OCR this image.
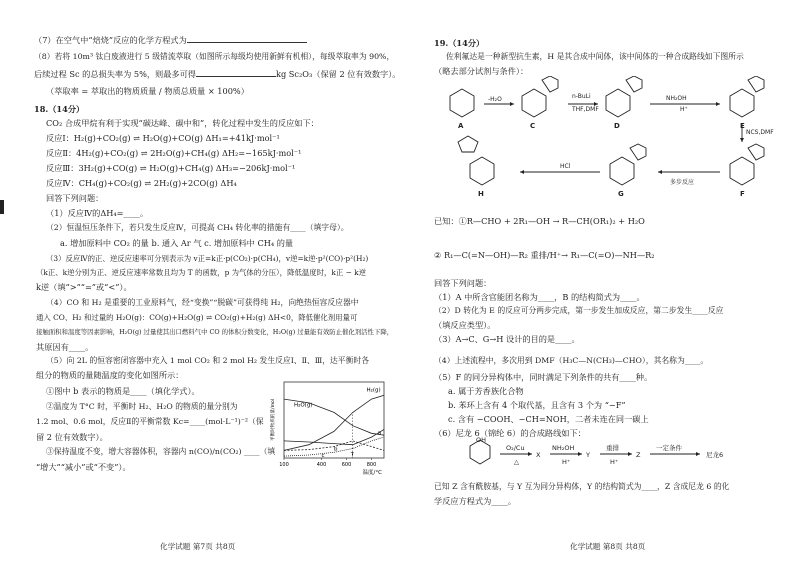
（7）在空气中“焙烧”反应的化学方程式为
（8）若将 10m³ 钛白废液进行 5 级错流萃取（如图所示每级均使用新鲜有机相），每级萃取率为 90%，
后续过程 Sc 的总损失率为 5%，则最多可得	kg Sc₂O₃（保留 2 位有效数字）。
（萃取率 = 萃取出的物质质量 / 物质总质量 × 100%）
18.（14分）
CO₂ 合成甲烷有利于实现“碳达峰、碳中和”，转化过程中发生的反应如下：
反应Ⅰ：H₂(g)+CO₂(g) ⇌ H₂O(g)+CO(g) ΔH₁=+41kJ·mol⁻¹
反应Ⅱ：4H₂(g)+CO₂(g) ⇌ 2H₂O(g)+CH₄(g) ΔH₂=−165kJ·mol⁻¹
反应Ⅲ：3H₂(g)+CO(g) ⇌ H₂O(g)+CH₄(g) ΔH₃=−206kJ·mol⁻¹
反应Ⅳ：CH₄(g)+CO₂(g) ⇌ 2H₂(g)+2CO(g) ΔH₄
回答下列问题：
（1）反应Ⅳ的ΔH₄=____。
（2）恒温恒压条件下，若只发生反应Ⅳ，可提高 CH₄ 转化率的措施有____（填字母）。
a. 增加原料中 CO₂ 的量 b. 通入 Ar 气 c. 增加原料中 CH₄ 的量
（3）反应Ⅳ的正、逆反应速率可分别表示为 v正=k正·p(CO₂)·p(CH₄)，v逆=k逆·p²(CO)·p²(H₂)
（k正、k逆分别为正、逆反应速率常数且均为 T 的函数，p 为气体的分压），降低温度时，k正 − k逆
k逆（填“>”“=”或“<”）。
（4）CO 和 H₂ 是重要的工业原料气，经“变换”“脱碳”可获得纯 H₂，向绝热恒容反应器中
通入 CO、H₂ 和过量的 H₂O(g)：CO(g)+H₂O(g) ⇌ CO₂(g)+H₂(g) ΔH<0，降低催化剂用量可
接触面积和温度等因素影响，H₂O(g) 过量使其出口燃料气中 CO 的体积分数变化，H₂O(g) 过量能有效防止催化剂活性下降，
其原因有____。
（5）向 2L 的恒容密闭容器中充入 1 mol CO₂ 和 2 mol H₂ 发生反应Ⅰ、Ⅱ、Ⅲ，达平衡时各
组分的物质的量随温度的变化如图所示：
①图中 b 表示的物质是____（填化学式）。
②温度为 T°C 时，平衡时 H₂、H₂O 的物质的量分别为
1.2 mol、0.6 mol，反应Ⅱ的平衡常数 Kc=____(mol·L⁻¹)⁻²（保
留 2 位有效数字）。
③保持温度不变，增大容器体积，容器内 n(CO)/n(CO₂) ____（填
“增大”“减小”或“不变”）。	100	400	600	800
温度/°C
平衡时物质的量/mol
H₂(g)
H₂O(g)
a
b
c	T
化学试题 第7页 共8页
19.（14分）
佐利氟达是一种新型抗生素，H 是其合成中间体，该中间体的一种合成路线如下图所示
（略去部分试剂与条件）：
A	C	D	E
F
G
H
-H₂O	n-BuLi
THF,DMF
NH₂OH
H⁺
NCS,DMF
HCl
多步反应
已知：①R—CHO + 2R₁—OH → R—CH(OR₁)₂ + H₂O
② R₁—C(=N—OH)—R₂ 重排/H⁺→ R₁—C(=O)—NH—R₂
回答下列问题：
（1）A 中所含官能团名称为____，B 的结构简式为____。
（2）D 转化为 E 的反应可分两步完成，第一步发生加成反应，第二步发生____反应
（填反应类型）。
（3）A→C、G→H 设计的目的是____。
（4）上述流程中，多次用到 DMF（H₃C—N(CH₃)—CHO），其名称为____。
（5）F 的同分异构体中，同时满足下列条件的共有____种。
a. 属于芳香族化合物
b. 苯环上含有 4 个取代基，且含有 3 个为 “−F”
c. 含有 −COOH、−CH=NOH，二者未连在同一碳上
（6）尼龙 6（锦纶 6）的合成路线如下：
OH
O₂/Cu
△
X
NH₂OH
H⁺
Y
重排
H⁺
Z
一定条件
尼龙6
已知 Z 含有酰胺基，与 Y 互为同分异构体，Y 的结构简式为____，Z 含成尼龙 6 的化
学反应方程式为____。
化学试题 第8页 共8页
